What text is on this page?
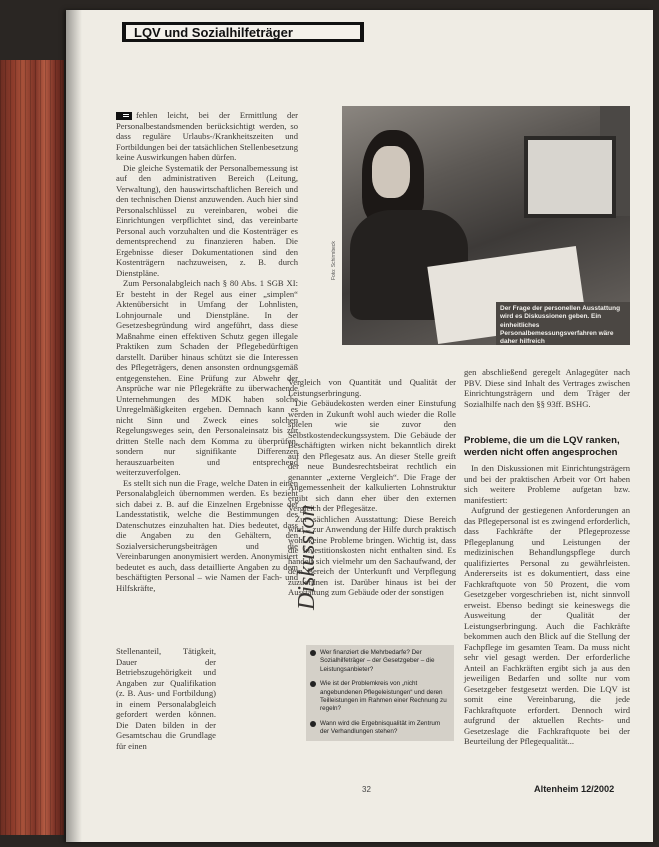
LQV und Sozialhilfeträger

fehlen leicht, bei der Ermittlung der Personalbestandsmenden berücksichtigt werden, so dass reguläre Urlaubs-/Krankheitszeiten und Fortbildungen bei der tatsächlichen Stellenbesetzung keine Auswirkungen haben dürfen.

Die gleiche Systematik der Personalbemessung ist auf den administrativen Bereich (Leitung, Verwaltung), den hauswirtschaftlichen Bereich und den technischen Dienst anzuwenden. Auch hier sind Personalschlüssel zu vereinbaren, wobei die Einrichtungen verpflichtet sind, das vereinbarte Personal auch vorzuhalten und die Kostenträger es dementsprechend zu finanzieren haben. Die Ergebnisse dieser Dokumentationen sind den Kostenträgern nachzuweisen, z. B. durch Dienstpläne.

Zum Personalabgleich nach § 80 Abs. 1 SGB XI: Er besteht in der Regel aus einer „simplen“ Aktenübersicht in Umfang der Lohnlisten, Lohnjournale und Dienstpläne. In der Gesetzesbegründung wird angeführt, dass diese Maßnahme einen effektiven Schutz gegen illegale Praktiken zum Schaden der Pflegebedürftigen darstellt. Darüber hinaus schützt sie die Interessen des Pflegeträgers, denen ansonsten ordnungsgemäß entgegenstehen. Eine Prüfung zur Abwehr der Ansprüche war nie Pflegekräfte zu überwachende Unternehmungen des MDK haben solche Unregelmäßigkeiten ergeben. Demnach kann es nicht Sinn und Zweck eines solchen Regelungsweges sein, den Personaleinsatz bis zur dritten Stelle nach dem Komma zu überprüfen, sondern nur signifikante Differenzen herauszuarbeiten und entsprechend weiterzuverfolgen.

Es stellt sich nun die Frage, welche Daten in einen Personalabgleich übernommen werden. Es bezieht sich dabei z. B. auf die Einzelnen Ergebnisse der Landesstatistik, welche die Bestimmungen des Datenschutzes einzuhalten hat. Dies bedeutet, dass die Angaben zu den Gehältern, den Sozialversicherungsbeiträgen und die Vereinbarungen anonymisiert werden. Anonymisiert bedeutet es auch, dass detaillierte Angaben zu dem beschäftigten Personal – wie Namen der Fach- und Hilfskräfte,

Stellenanteil, Tätigkeit, Dauer der Betriebszugehörigkeit und Angaben zur Qualifikation (z. B. Aus- und Fortbildung) in einem Personalabgleich gefordert werden können. Die Daten bilden in der Gesamtschau die Grundlage für einen

Der Frage der personellen Ausstattung wird es Diskussionen geben. Ein einheitliches Personalbemessungsverfahren wäre daher hilfreich
Foto: Schirmbeck

Vergleich von Quantität und Qualität der Leistungserbringung.

Die Gebäudekosten werden einer Einstufung werden in Zukunft wohl auch wieder die Rolle spielen wie sie zuvor den Selbstkostendeckungssystem. Die Gebäude der Beschäftigten wirken nicht bekanntlich direkt auf den Pflegesatz aus. An dieser Stelle greift der neue Bundesrechtsbeirat rechtlich ein genannter „externe Vergleich“. Die Frage der Angemessenheit der kalkulierten Lohnstruktur ergibt sich dann eher über den externen Vergleich der Pflegesätze.

Zur sächlichen Ausstattung: Diese Bereich wird – zur Anwendung der Hilfe durch praktisch wohl keine Probleme bringen. Wichtig ist, dass die Investitionskosten nicht enthalten sind. Es handelt sich vielmehr um den Sachaufwand, der dem Bereich der Unterkunft und Verpflegung zuzuordnen ist. Darüber hinaus ist bei der Ausstattung zum Gebäude oder der sonstigen

gen abschließend geregelt Anlagegüter nach PBV. Diese sind Inhalt des Vertrages zwischen Einrichtungsträgern und dem Träger der Sozialhilfe nach den §§ 93ff. BSHG.

Probleme, die um die LQV ranken, werden nicht offen angesprochen

In den Diskussionen mit Einrichtungsträgern und bei der praktischen Arbeit vor Ort haben sich weitere Probleme aufgetan bzw. manifestiert:

Aufgrund der gestiegenen Anforderungen an das Pflegepersonal ist es zwingend erforderlich, dass Fachkräfte der Pflegeprozesse Pflegeplanung und Leistungen der medizinischen Behandlungspflege durch qualifiziertes Personal zu gewährleisten. Andererseits ist es dokumentiert, dass eine Fachkraftquote von 50 Prozent, die vom Gesetzgeber vorgeschrieben ist, nicht sinnvoll erweist. Ebenso bedingt sie keineswegs die Ausweitung der Qualität der Leistungserbringung. Auch die Fachkräfte bekommen auch den Blick auf die Stellung der Fachpflege im gesamten Team. Da muss nicht sehr viel gesagt werden. Der erforderliche Anteil an Fachkräften ergibt sich ja aus den jeweiligen Bedarfen und sollte nur vom Gesetzgeber festgesetzt werden. Die LQV ist somit eine Vereinbarung, die jede Fachkraftquote erfordert. Dennoch wird aufgrund der aktuellen Rechts- und Gesetzeslage die Fachkraftquote bei der Beurteilung der Pflegequalität...

Diskussion
Wer finanziert die Mehrbedarfe? Der Sozialhilfeträger – der Gesetzgeber – die Leistungsanbieter?
Wie ist der Problemkreis von „nicht angebundenen Pflegeleistungen“ und deren Teilleistungen im Rahmen einer Rechnung zu regeln?
Wann wird die Ergebnisqualität im Zentrum der Verhandlungen stehen?
32	Altenheim 12/2002
